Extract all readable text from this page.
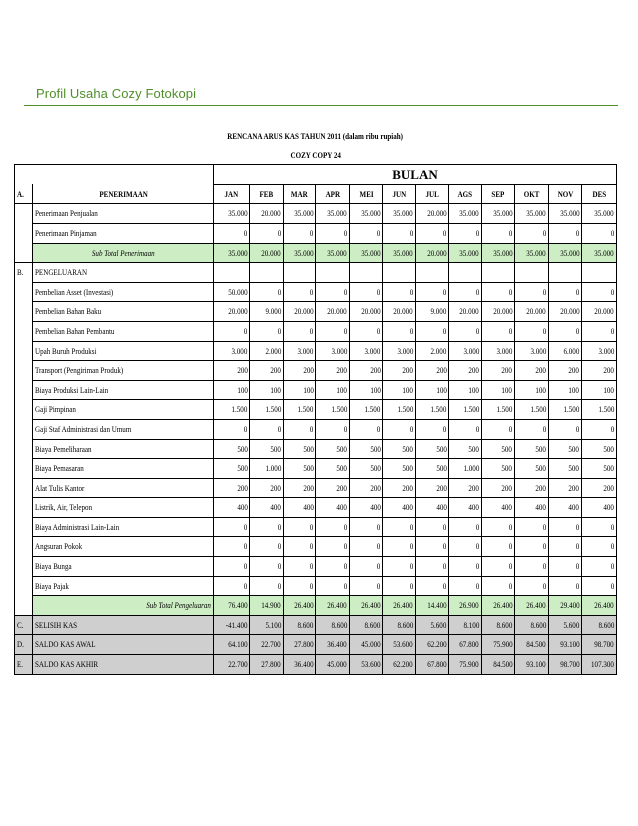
Profil Usaha Cozy Fotokopi
RENCANA ARUS KAS TAHUN 2011 (dalam ribu rupiah)													
COZY COPY 24													
		BULAN											
A.	PENERIMAAN	JAN	FEB	MAR	APR	MEI	JUN	JUL	AGS	SEP	OKT	NOV	DES
	Penerimaan Penjualan	35.000	20.000	35.000	35.000	35.000	35.000	20.000	35.000	35.000	35.000	35.000	35.000
	Penerimaan Pinjaman	0	0	0	0	0	0	0	0	0	0	0	0
	Sub Total Penerimaan	35.000	20.000	35.000	35.000	35.000	35.000	20.000	35.000	35.000	35.000	35.000	35.000
B.	PENGELUARAN												
	Pembelian Asset (Investasi)	50.000	0	0	0	0	0	0	0	0	0	0	0
	Pembelian Bahan Baku	20.000	9.000	20.000	20.000	20.000	20.000	9.000	20.000	20.000	20.000	20.000	20.000
	Pembelian Bahan Pembantu	0	0	0	0	0	0	0	0	0	0	0	0
	Upah Buruh Produksi	3.000	2.000	3.000	3.000	3.000	3.000	2.000	3.000	3.000	3.000	6.000	3.000
	Transport (Pengiriman Produk)	200	200	200	200	200	200	200	200	200	200	200	200
	Biaya Produksi Lain-Lain	100	100	100	100	100	100	100	100	100	100	100	100
	Gaji Pimpinan	1.500	1.500	1.500	1.500	1.500	1.500	1.500	1.500	1.500	1.500	1.500	1.500
	Gaji Staf Administrasi dan Umum	0	0	0	0	0	0	0	0	0	0	0	0
	Biaya Pemeliharaan	500	500	500	500	500	500	500	500	500	500	500	500
	Biaya Pemasaran	500	1.000	500	500	500	500	500	1.000	500	500	500	500
	Alat Tulis Kantor	200	200	200	200	200	200	200	200	200	200	200	200
	Listrik, Air, Telepon	400	400	400	400	400	400	400	400	400	400	400	400
	Biaya Administrasi Lain-Lain	0	0	0	0	0	0	0	0	0	0	0	0
	Angsuran Pokok	0	0	0	0	0	0	0	0	0	0	0	0
	Biaya Bunga	0	0	0	0	0	0	0	0	0	0	0	0
	Biaya Pajak	0	0	0	0	0	0	0	0	0	0	0	0
	Sub Total Pengeluaran	76.400	14.900	26.400	26.400	26.400	26.400	14.400	26.900	26.400	26.400	29.400	26.400
C.	SELISIH KAS	-41.400	5.100	8.600	8.600	8.600	8.600	5.600	8.100	8.600	8.600	5.600	8.600
D.	SALDO KAS AWAL	64.100	22.700	27.800	36.400	45.000	53.600	62.200	67.800	75.900	84.500	93.100	98.700
E.	SALDO KAS AKHIR	22.700	27.800	36.400	45.000	53.600	62.200	67.800	75.900	84.500	93.100	98.700	107.300
